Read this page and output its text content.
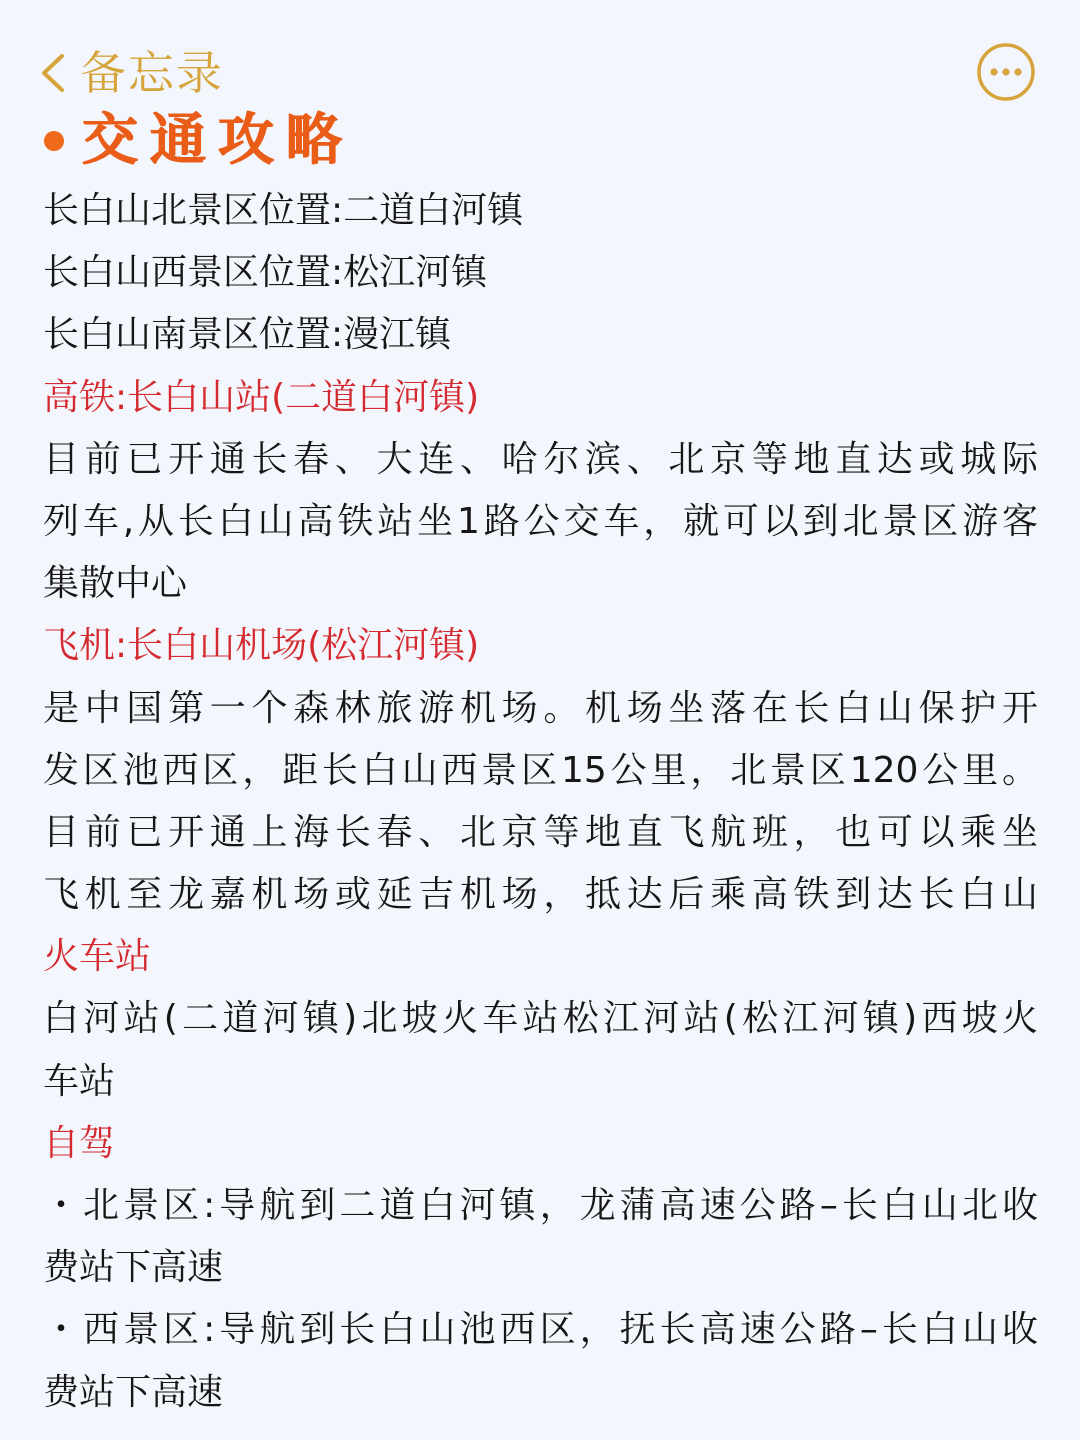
备忘录
交通攻略
长白山北景区位置:二道白河镇
长白山西景区位置:松江河镇
长白山南景区位置:漫江镇
高铁:长白山站(二道白河镇)
目前已开通长春、大连、哈尔滨、北京等地直达或城际
列车,从长白山高铁站坐1路公交车，就可以到北景区游客
集散中心
飞机:长白山机场(松江河镇)
是中国第一个森林旅游机场。机场坐落在长白山保护开
发区池西区，距长白山西景区15公里，北景区120公里。
目前已开通上海长春、北京等地直飞航班，也可以乘坐
飞机至龙嘉机场或延吉机场，抵达后乘高铁到达长白山
火车站
白河站(二道河镇)北坡火车站松江河站(松江河镇)西坡火
车站
自驾
・北景区:导航到二道白河镇，龙蒲高速公路–长白山北收
费站下高速
・西景区:导航到长白山池西区，抚长高速公路–长白山收
费站下高速
